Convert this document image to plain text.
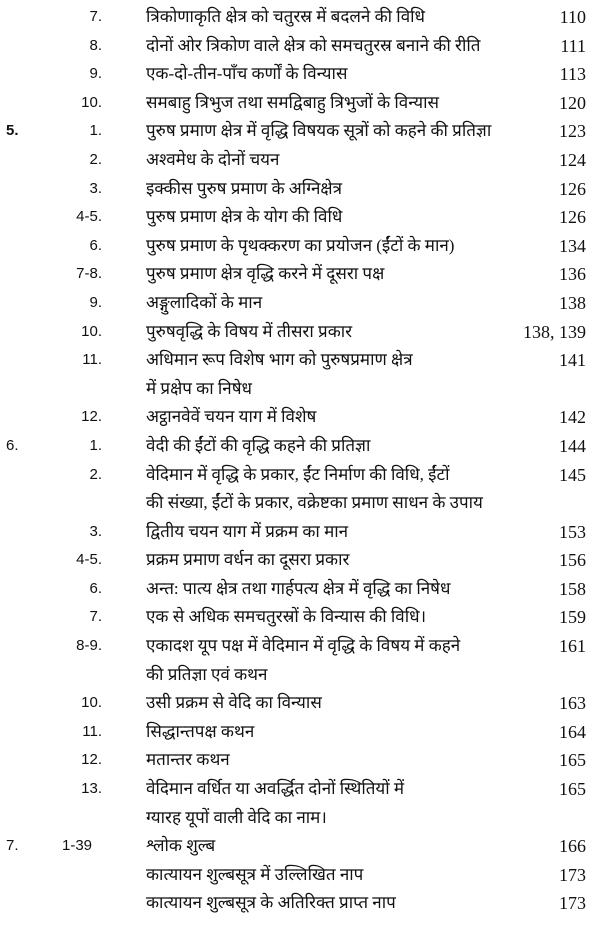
7.	त्रिकोणाकृति क्षेत्र को चतुरस्र में बदलने की विधि	110
8.	दोनों ओर त्रिकोण वाले क्षेत्र को समचतुरस्र बनाने की रीति	111
9.	एक-दो-तीन-पाँच कर्णों के विन्यास	113
10.	समबाहु त्रिभुज तथा समद्विबाहु त्रिभुजों के विन्यास	120
5.	1.	पुरुष प्रमाण क्षेत्र में वृद्धि विषयक सूत्रों को कहने की प्रतिज्ञा	123
2.	अश्वमेध के दोनों चयन	124
3.	इक्कीस पुरुष प्रमाण के अग्निक्षेत्र	126
4-5.	पुरुष प्रमाण क्षेत्र के योग की विधि	126
6.	पुरुष प्रमाण के पृथक्करण का प्रयोजन (ईंटों के मान)	134
7-8.	पुरुष प्रमाण क्षेत्र वृद्धि करने में दूसरा पक्ष	136
9.	अङ्गुलादिकों के मान	138
10.	पुरुषवृद्धि के विषय में तीसरा प्रकार	138, 139
11.	अधिमान रूप विशेष भाग को पुरुषप्रमाण क्षेत्र	141
में प्रक्षेप का निषेध
12.	अट्ठानवेवें चयन याग में विशेष	142
6.	1.	वेदी की ईंटों की वृद्धि कहने की प्रतिज्ञा	144
2.	वेदिमान में वृद्धि के प्रकार, ईंट निर्माण की विधि, ईंटों	145
की संख्या, ईंटों के प्रकार, वक्रेष्टका प्रमाण साधन के उपाय
3.	द्वितीय चयन याग में प्रक्रम का मान	153
4-5.	प्रक्रम प्रमाण वर्धन का दूसरा प्रकार	156
6.	अन्त: पात्य क्षेत्र तथा गार्हपत्य क्षेत्र में वृद्धि का निषेध	158
7.	एक से अधिक समचतुरस्रों के विन्यास की विधि।	159
8-9.	एकादश यूप पक्ष में वेदिमान में वृद्धि के विषय में कहने	161
की प्रतिज्ञा एवं कथन
10.	उसी प्रक्रम से वेदि का विन्यास	163
11.	सिद्धान्तपक्ष कथन	164
12.	मतान्तर कथन	165
13.	वेदिमान वर्धित या अवर्द्धित दोनों स्थितियों में	165
ग्यारह यूपों वाली वेदि का नाम।
7.	1-39	श्लोक शुल्ब	166
कात्यायन शुल्बसूत्र में उल्लिखित नाप	173
कात्यायन शुल्बसूत्र के अतिरिक्त प्राप्त नाप	173
